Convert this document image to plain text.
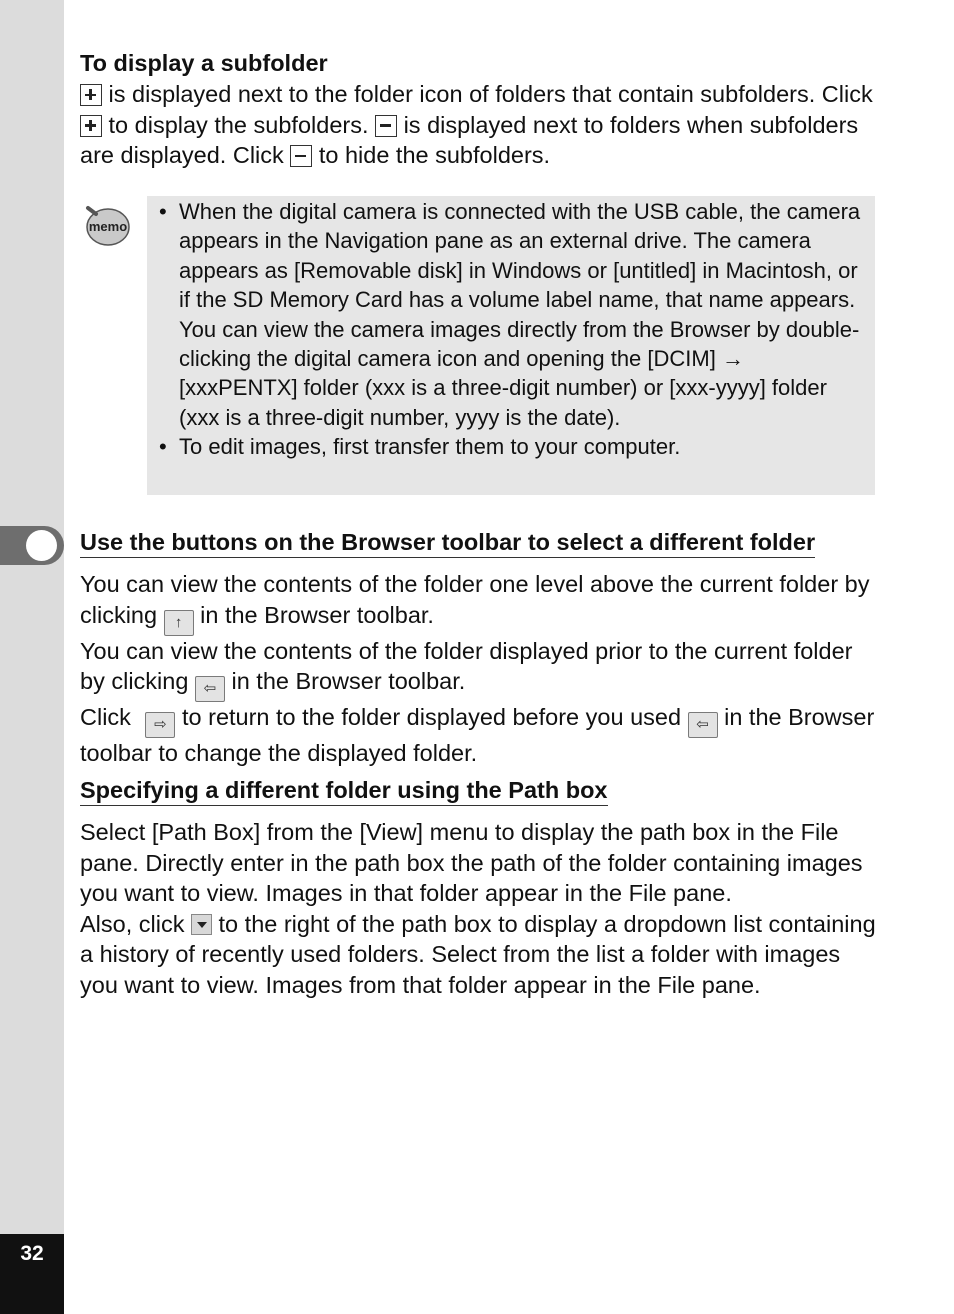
32

To display a subfolder

is displayed next to the folder icon of folders that contain subfolders. Click  to display the subfolders. is displayed next to folders when subfolders are displayed. Click to hide the subfolders.

memo
• When the digital camera is connected with the USB cable, the camera appears in the Navigation pane as an external drive. The camera appears as [Removable disk] in Windows or [untitled] in Macintosh, or if the SD Memory Card has a volume label name, that name appears. You can view the camera images directly from the Browser by double-clicking the digital camera icon and opening the [DCIM] → [xxxPENTX] folder (xxx is a three-digit number) or [xxx-yyyy] folder (xxx is a three-digit number, yyyy is the date).
• To edit images, first transfer them to your computer.
Use the buttons on the Browser toolbar to select a different folder

You can view the contents of the folder one level above the current folder by clicking ↑ in the Browser toolbar.

You can view the contents of the folder displayed prior to the current folder by clicking ⇦ in the Browser toolbar.

Click ⇨ to return to the folder displayed before you used ⇦ in the Browser toolbar to change the displayed folder.

Specifying a different folder using the Path box

Select [Path Box] from the [View] menu to display the path box in the File pane. Directly enter in the path box the path of the folder containing images you want to view. Images in that folder appear in the File pane.

Also, click to the right of the path box to display a dropdown list containing a history of recently used folders. Select from the list a folder with images you want to view. Images from that folder appear in the File pane.
